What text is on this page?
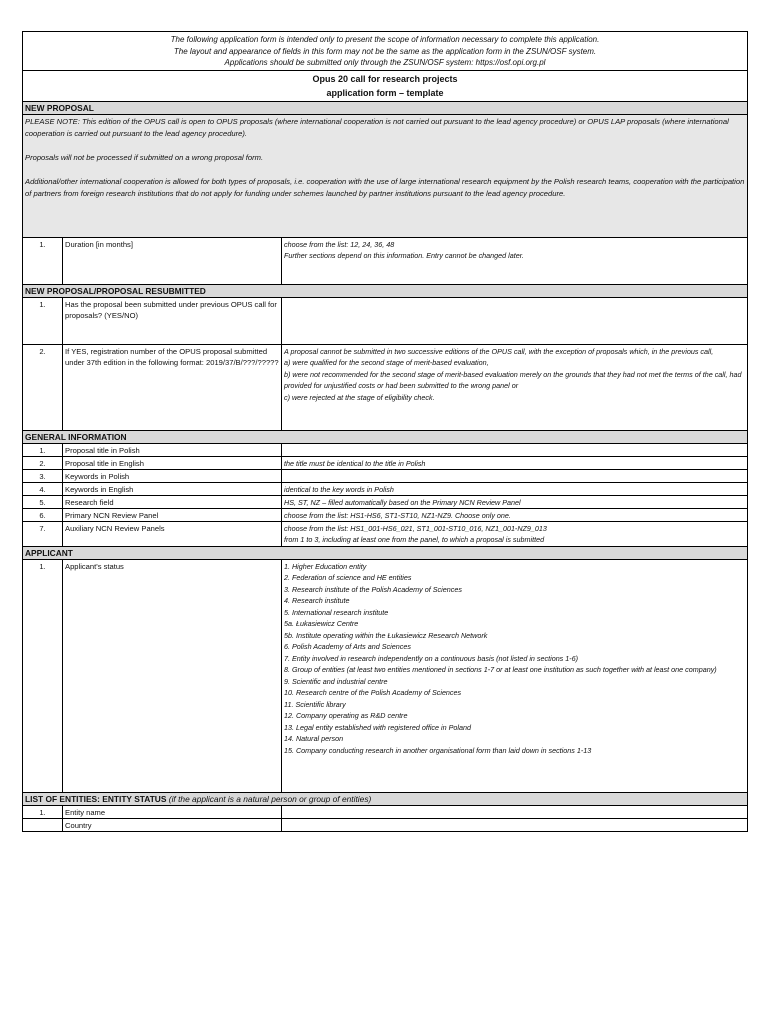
The following application form is intended only to present the scope of information necessary to complete this application.
The layout and appearance of fields in this form may not be the same as the application form in the ZSUN/OSF system.
Applications should be submitted only through the ZSUN/OSF system: https://osf.opi.org.pl
Opus 20 call for research projects
application form – template
NEW PROPOSAL

PLEASE NOTE: This edition of the OPUS call is open to OPUS proposals (where international cooperation is not carried out pursuant to the lead agency procedure) or OPUS LAP proposals (where international cooperation is carried out pursuant to the lead agency procedure).

Proposals will not be processed if submitted on a wrong proposal form.

Additional/other international cooperation is allowed for both types of proposals, i.e. cooperation with the use of large international research equipment by the Polish research teams, cooperation with the participation of partners from foreign research institutions that do not apply for funding under schemes launched by partner institutions pursuant to the lead agency procedure.

1.	Duration [in months]	choose from the list: 12, 24, 36, 48
Further sections depend on this information. Entry cannot be changed later.
NEW PROPOSAL/PROPOSAL RESUBMITTED
1.	Has the proposal been submitted under previous OPUS call for proposals? (YES/NO)
2.	If YES, registration number of the OPUS proposal submitted under 37th edition in the following format: 2019/37/B/???/?????
A proposal cannot be submitted in two successive editions of the OPUS call, with the exception of proposals which, in the previous call,
a) were qualified for the second stage of merit-based evaluation,
b) were not recommended for the second stage of merit-based evaluation merely on the grounds that they had not met the terms of the call, had provided for unjustified costs or had been submitted to the wrong panel or
c) were rejected at the stage of eligibility check.
GENERAL INFORMATION
1.	Proposal title in Polish
2.	Proposal title in English	the title must be identical to the title in Polish
3.	Keywords in Polish
4.	Keywords in English	identical to the key words in Polish
5.	Research field	HS, ST, NZ – filled automatically based on the Primary NCN Review Panel
6.	Primary NCN Review Panel	choose from the list: HS1-HS6, ST1-ST10, NZ1-NZ9. Choose only one.
7.	Auxiliary NCN Review Panels	choose from the list: HS1_001-HS6_021, ST1_001-ST10_016, NZ1_001-NZ9_013
from 1 to 3, including at least one from the panel, to which a proposal is submitted
APPLICANT
1.	Applicant's status	1. Higher Education entity
2. Federation of science and HE entities
3. Research institute of the Polish Academy of Sciences
4. Research institute
5. International research institute
5a. Łukasiewicz Centre
5b. Institute operating within the Łukasiewicz Research Network
6. Polish Academy of Arts and Sciences
7. Entity involved in research independently on a continuous basis (not listed in sections 1-6)
8. Group of entities (at least two entities mentioned in sections 1-7 or at least one institution as such together with at least one company)
9. Scientific and industrial centre
10. Research centre of the Polish Academy of Sciences
11. Scientific library
12. Company operating as R&D centre
13. Legal entity established with registered office in Poland
14. Natural person
15. Company conducting research in another organisational form than laid down in sections 1-13
LIST OF ENTITIES: ENTITY STATUS (if the applicant is a natural person or group of entities)
1.	Entity name
Country
